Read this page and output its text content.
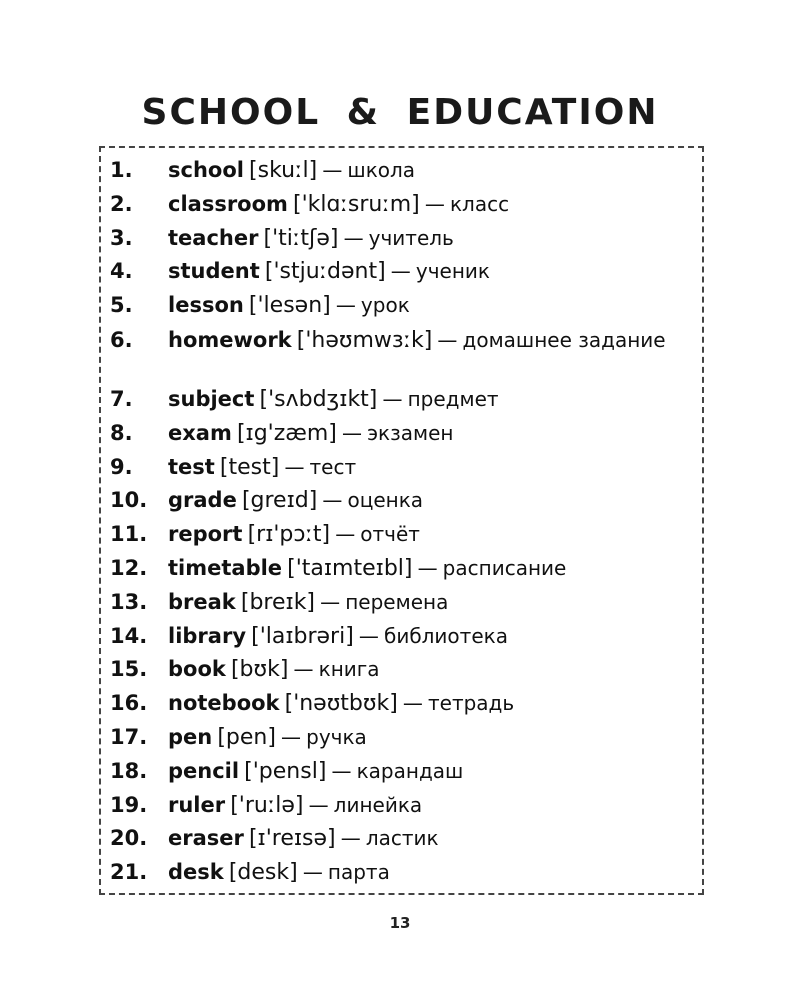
SCHOOL & EDUCATION
1.	school [skuːl] — школа
2.	classroom ['klɑːsruːm] — класс
3.	teacher ['tiːtʃə] — учитель
4.	student ['stjuːdənt] — ученик
5.	lesson ['lesən] — урок
6.	homework ['həʊmwɜːk] — домашнее задание
7.	subject ['sʌbdʒɪkt] — предмет
8.	exam [ɪg'zæm] — экзамен
9.	test [test] — тест
10. grade [greɪd] — оценка
11. report [rɪ'pɔːt] — отчёт
12. timetable ['taɪmteɪbl] — расписание
13. break [breɪk] — перемена
14. library ['laɪbrəri] — библиотека
15. book [bʊk] — книга
16. notebook ['nəʊtbʊk] — тетрадь
17. pen [pen] — ручка
18. pencil ['pensl] — карандаш
19. ruler ['ruːlə] — линейка
20. eraser [ɪ'reɪsə] — ластик
21. desk [desk] — парта
13
